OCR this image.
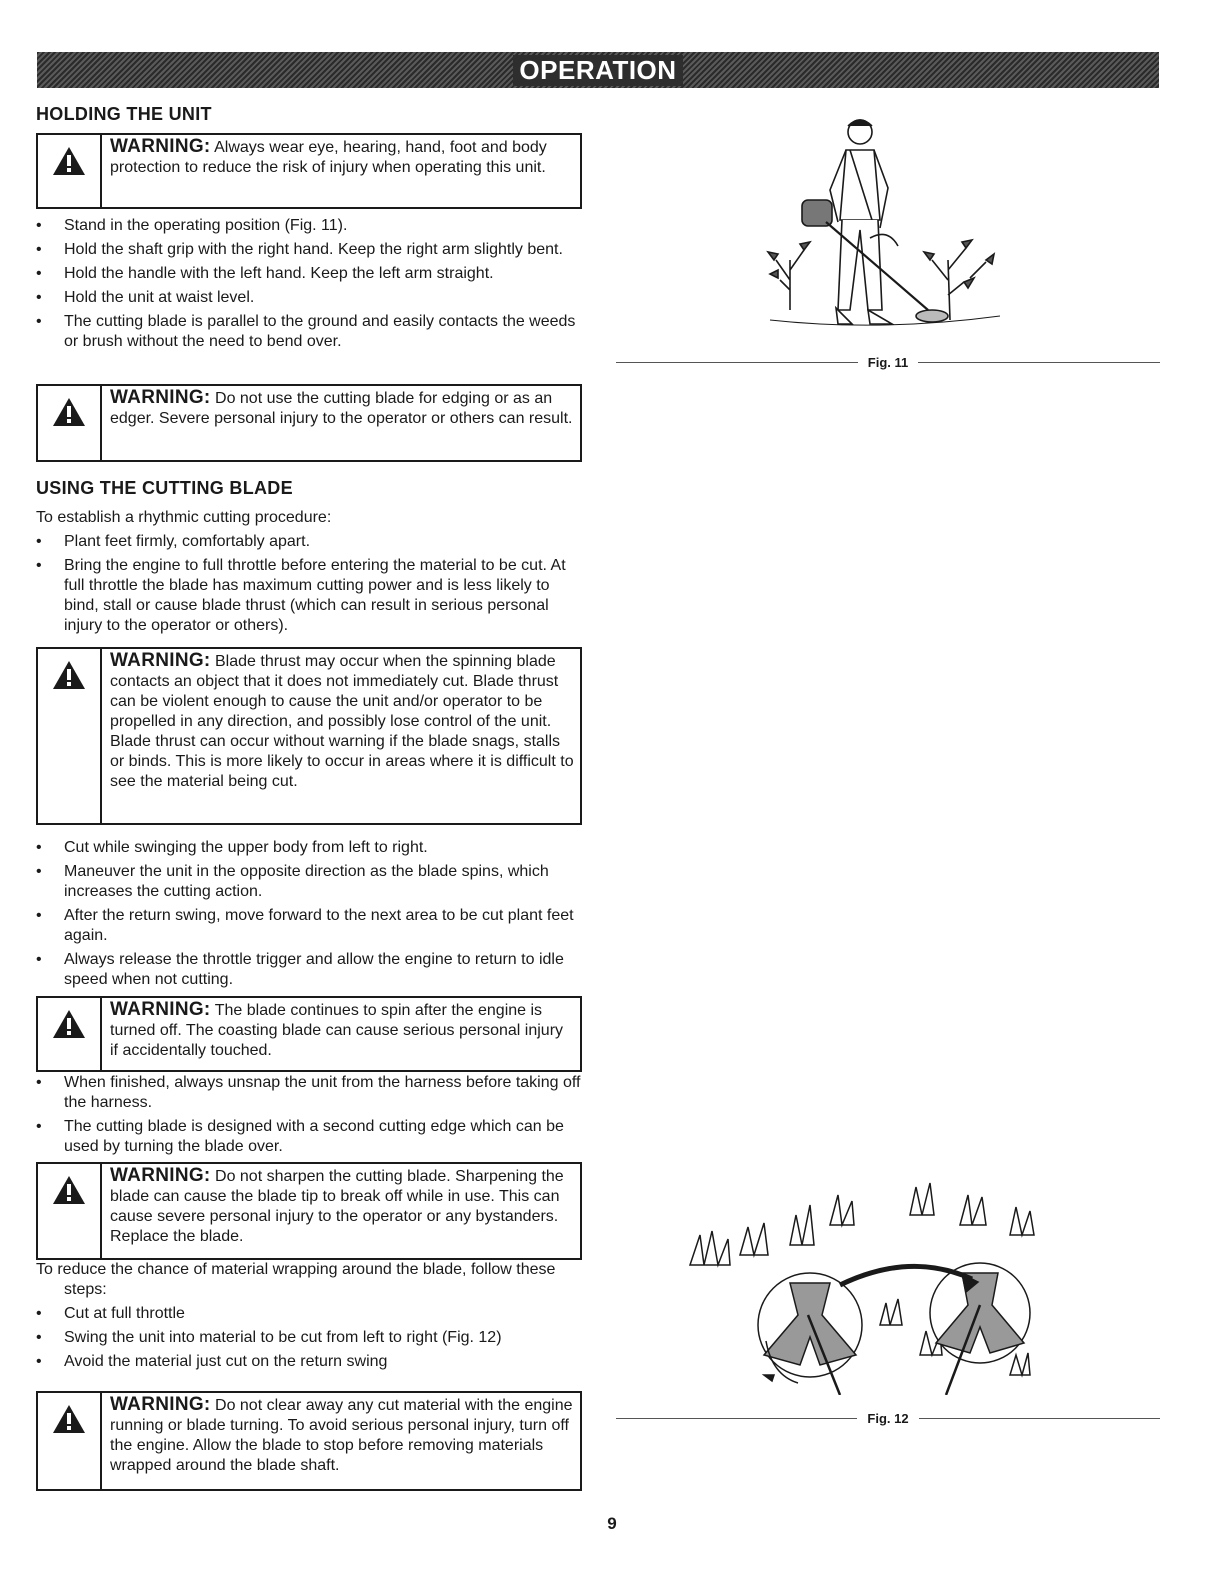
OPERATION
HOLDING THE UNIT
WARNING: Always wear eye, hearing, hand, foot and body protection to reduce the risk of injury when operating this unit.
• Stand in the operating position (Fig. 11).
• Hold the shaft grip with the right hand. Keep the right arm slightly bent.
• Hold the handle with the left hand. Keep the left arm straight.
• Hold the unit at waist level.
• The cutting blade is parallel to the ground and easily contacts the weeds or brush without the need to bend over.
WARNING: Do not use the cutting blade for edging or as an edger. Severe personal injury to the operator or others can result.
USING THE CUTTING BLADE

To establish a rhythmic cutting procedure:

• Plant feet firmly, comfortably apart.
• Bring the engine to full throttle before entering the material to be cut. At full throttle the blade has maximum cutting power and is less likely to bind, stall or cause blade thrust (which can result in serious personal injury to the operator or others).
WARNING: Blade thrust may occur when the spinning blade contacts an object that it does not immediately cut. Blade thrust can be violent enough to cause the unit and/or operator to be propelled in any direction, and possibly lose control of the unit. Blade thrust can occur without warning if the blade snags, stalls or binds. This is more likely to occur in areas where it is difficult to see the material being cut.
• Cut while swinging the upper body from left to right.
• Maneuver the unit in the opposite direction as the blade spins, which increases the cutting action.
• After the return swing, move forward to the next area to be cut plant feet again.
• Always release the throttle trigger and allow the engine to return to idle speed when not cutting.
WARNING: The blade continues to spin after the engine is turned off. The coasting blade can cause serious personal injury if accidentally touched.
• When finished, always unsnap the unit from the harness before taking off the harness.
• The cutting blade is designed with a second cutting edge which can be used by turning the blade over.
WARNING: Do not sharpen the cutting blade. Sharpening the blade can cause the blade tip to break off while in use. This can cause severe personal injury to the operator or any bystanders. Replace the blade.

To reduce the chance of material wrapping around the blade, follow these steps:

• Cut at full throttle
• Swing the unit into material to be cut from left to right (Fig. 12)
• Avoid the material just cut on the return swing
WARNING: Do not clear away any cut material with the engine running or blade turning. To avoid serious personal injury, turn off the engine. Allow the blade to stop before removing materials wrapped around the blade shaft.
Fig. 11
Fig. 12
9
